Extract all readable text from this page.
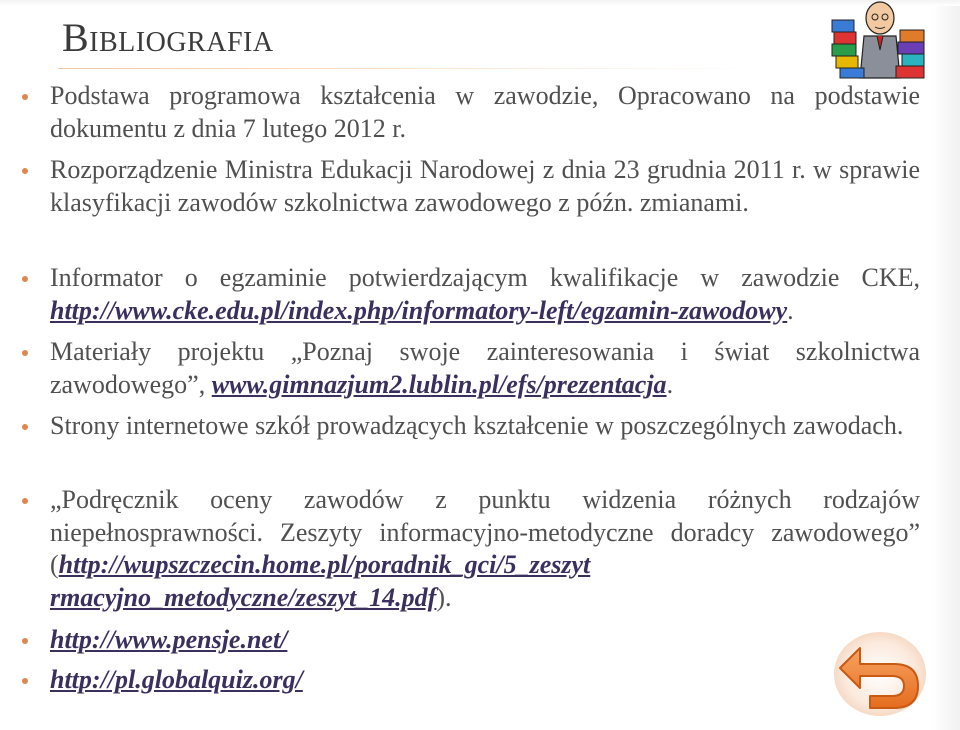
Bibliografia
Podstawa programowa kształcenia w zawodzie, Opracowano na podstawie dokumentu z dnia 7 lutego 2012 r.
Rozporządzenie Ministra Edukacji Narodowej z dnia 23 grudnia 2011 r. w sprawie klasyfikacji zawodów szkolnictwa zawodowego z późn. zmianami.
Informator o egzaminie potwierdzającym kwalifikacje w zawodzie CKE, http://www.cke.edu.pl/index.php/informatory-left/egzamin-zawodowy.
Materiały projektu „Poznaj swoje zainteresowania i świat szkolnictwa zawodowego”, www.gimnazjum2.lublin.pl/efs/prezentacja.
Strony internetowe szkół prowadzących kształcenie w poszczególnych zawodach.
„Podręcznik oceny zawodów z punktu widzenia różnych rodzajów niepełnosprawności. Zeszyty informacyjno-metodyczne doradcy zawodowego” (http://wupszczecin.home.pl/poradnik_gci/5_zeszyt rmacyjno_metodyczne/zeszyt_14.pdf).
http://www.pensje.net/
http://pl.globalquiz.org/
